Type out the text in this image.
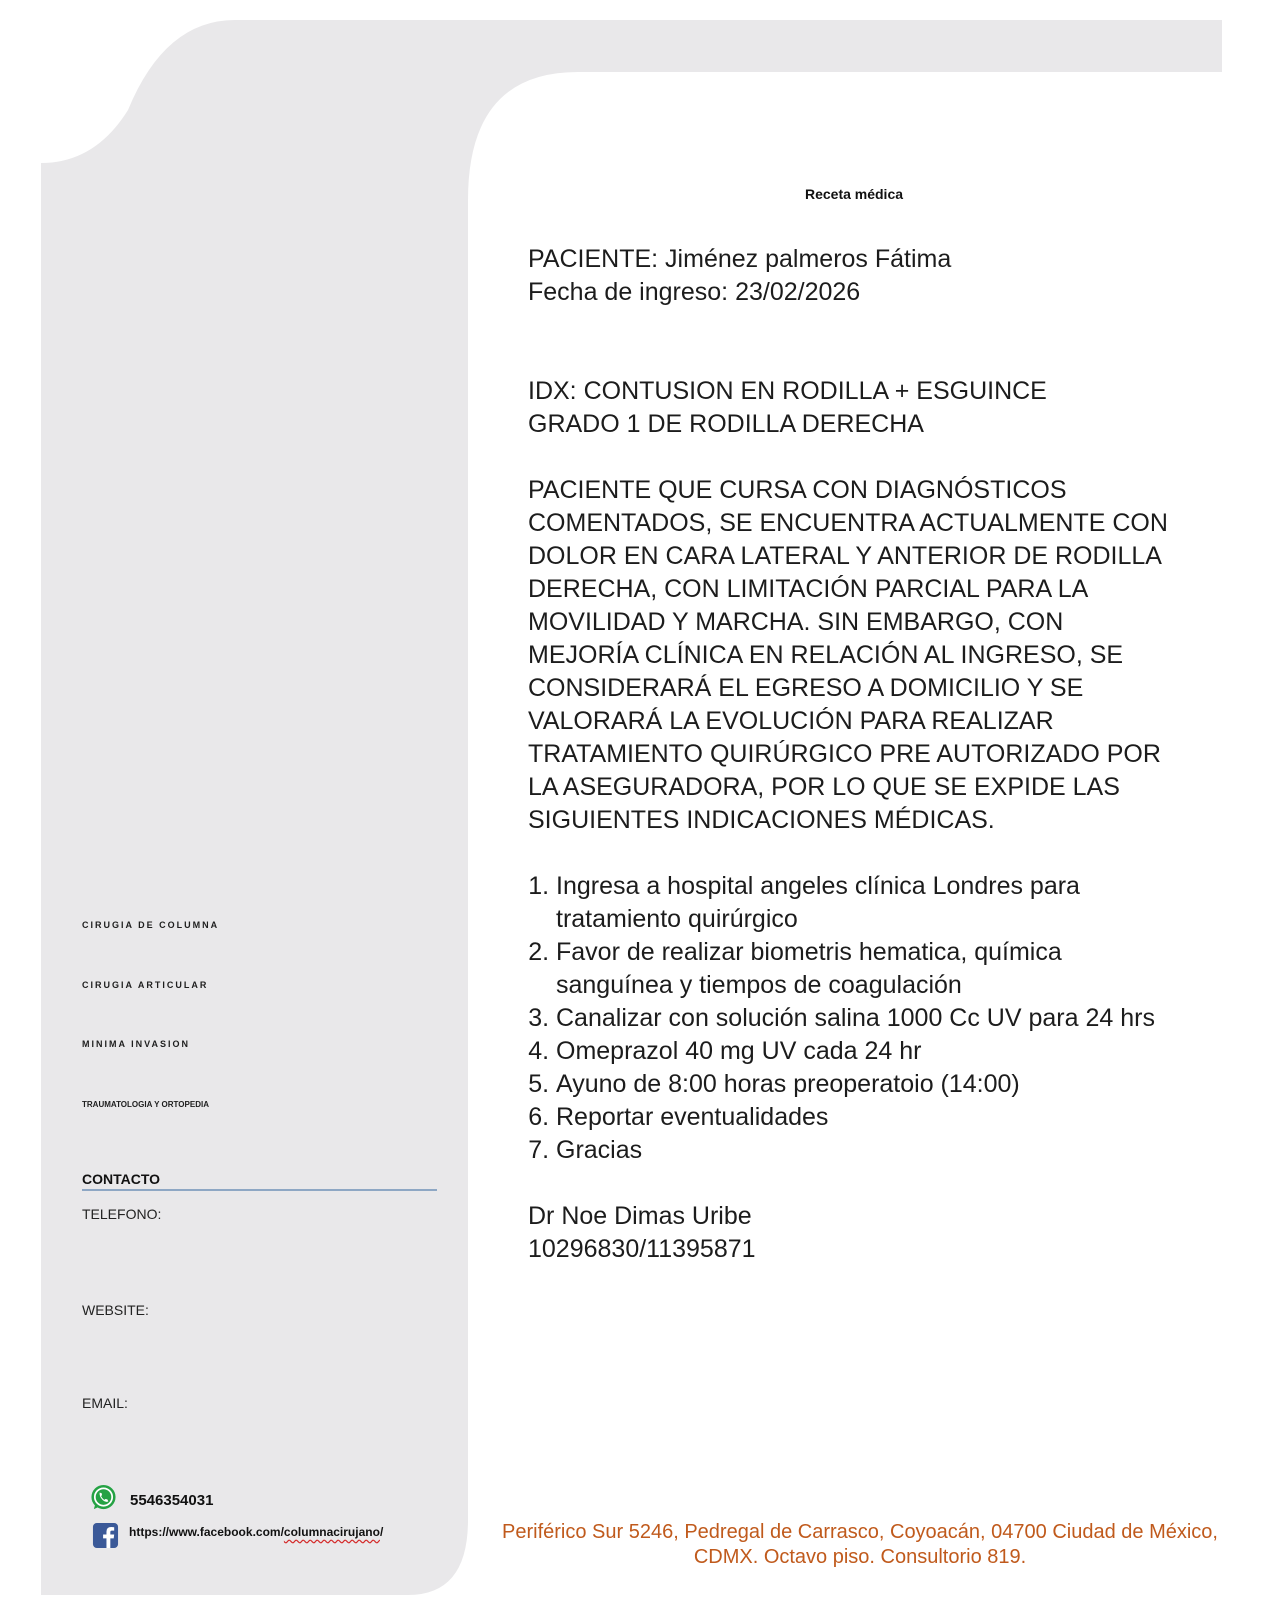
Receta médica
CIRUGIA DE COLUMNA
CIRUGIA ARTICULAR
MINIMA INVASION
TRAUMATOLOGIA Y ORTOPEDIA
CONTACTO
TELEFONO:
WEBSITE:
EMAIL:
5546354031
https://www.facebook.com/columnacirujano/

PACIENTE: Jiménez palmeros Fátima

Fecha de ingreso: 23/02/2026

IDX: CONTUSION EN RODILLA + ESGUINCE

GRADO 1 DE RODILLA DERECHA

PACIENTE QUE CURSA CON DIAGNÓSTICOS COMENTADOS, SE ENCUENTRA ACTUALMENTE CON DOLOR EN CARA LATERAL Y ANTERIOR DE RODILLA DERECHA, CON LIMITACIÓN PARCIAL PARA LA MOVILIDAD Y MARCHA. SIN EMBARGO, CON MEJORÍA CLÍNICA EN RELACIÓN AL INGRESO, SE CONSIDERARÁ EL EGRESO A DOMICILIO Y SE VALORARÁ LA EVOLUCIÓN PARA REALIZAR TRATAMIENTO QUIRÚRGICO PRE AUTORIZADO POR LA ASEGURADORA, POR LO QUE SE EXPIDE LAS SIGUIENTES INDICACIONES MÉDICAS.

1. Ingresa a hospital angeles clínica Londres para tratamiento quirúrgico
2. Favor de realizar biometris hematica, química sanguínea y tiempos de coagulación
3. Canalizar con solución salina 1000 Cc UV para 24 hrs
4. Omeprazol 40 mg UV cada 24 hr
5. Ayuno de 8:00 horas preoperatoio (14:00)
6. Reportar eventualidades
7. Gracias

Dr Noe Dimas Uribe

10296830/11395871

Periférico Sur 5246, Pedregal de Carrasco, Coyoacán, 04700 Ciudad de México, CDMX. Octavo piso. Consultorio 819.
